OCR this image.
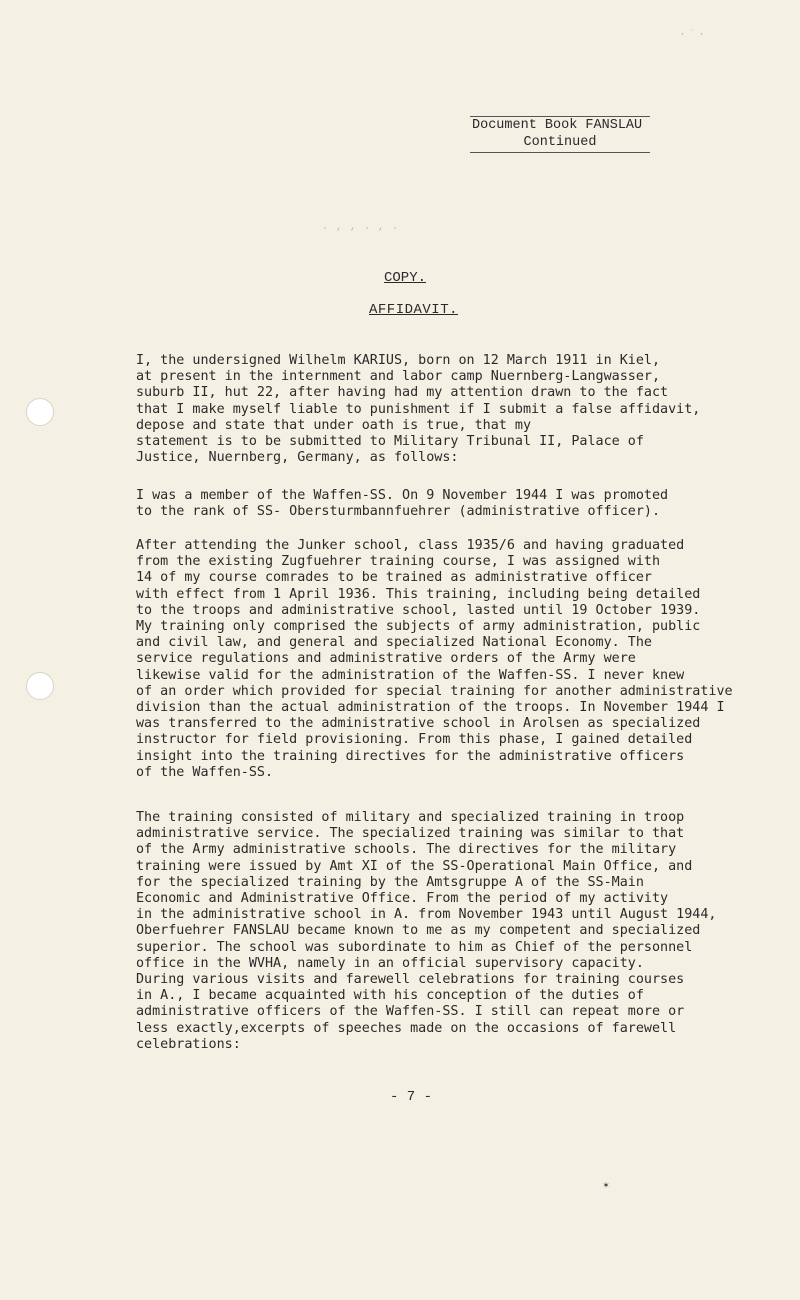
· ˙ ·
Document Book FANSLAU
Continued
. , , . , .
COPY.
AFFIDAVIT.
I, the undersigned Wilhelm KARIUS, born on 12 March 1911 in Kiel,
at present in the internment and labor camp Nuernberg-Langwasser,
suburb II, hut 22, after having had my attention drawn to the fact
that I make myself liable to punishment if I submit a false affidavit,
depose and state that under oath is true, that my
statement is to be submitted to Military Tribunal II, Palace of
Justice, Nuernberg, Germany, as follows:
I was a member of the Waffen-SS. On 9 November 1944 I was promoted
to the rank of SS- Obersturmbannfuehrer (administrative officer).
After attending the Junker school, class 1935/6 and having graduated
from the existing Zugfuehrer training course, I was assigned with
14 of my course comrades to be trained as administrative officer
with effect from 1 April 1936. This training, including being detailed
to the troops and administrative school, lasted until 19 October 1939.
My training only comprised the subjects of army administration, public
and civil law, and general and specialized National Economy. The
service regulations and administrative orders of the Army were
likewise valid for the administration of the Waffen-SS. I never knew
of an order which provided for special training for another administrative
division than the actual administration of the troops. In November 1944 I
was transferred to the administrative school in Arolsen as specialized
instructor for field provisioning. From this phase, I gained detailed
insight into the training directives for the administrative officers
of the Waffen-SS.
The training consisted of military and specialized training in troop
administrative service. The specialized training was similar to that
of the Army administrative schools. The directives for the military
training were issued by Amt XI of the SS-Operational Main Office, and
for the specialized training by the Amtsgruppe A of the SS-Main
Economic and Administrative Office. From the period of my activity
in the administrative school in A. from November 1943 until August 1944,
Oberfuehrer FANSLAU became known to me as my competent and specialized
superior. The school was subordinate to him as Chief of the personnel
office in the WVHA, namely in an official supervisory capacity.
During various visits and farewell celebrations for training courses
in A., I became acquainted with his conception of the duties of
administrative officers of the Waffen-SS. I still can repeat more or
less exactly,excerpts of speeches made on the occasions of farewell
celebrations:
- 7 -
✶
